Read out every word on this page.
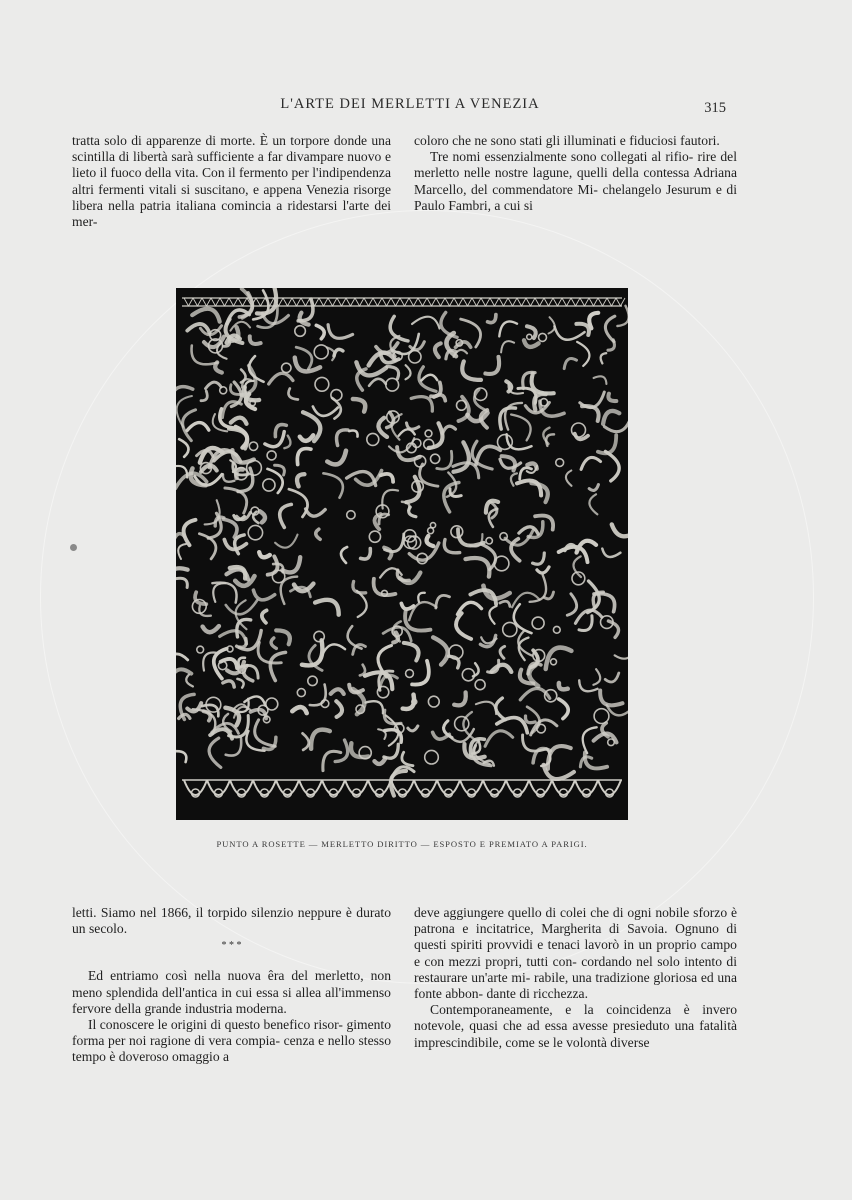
L'ARTE DEI MERLETTI A VENEZIA	315

tratta solo di apparenze di morte. È un torpore donde una scintilla di libertà sarà sufficiente a far divampare nuovo e lieto il fuoco della vita. Con il fermento per l'indipendenza altri fermenti vitali si suscitano, e appena Venezia risorge libera nella patria italiana comincia a ridestarsi l'arte dei mer-

coloro che ne sono stati gli illuminati e fiduciosi fautori.

Tre nomi essenzialmente sono collegati al rifio- rire del merletto nelle nostre lagune, quelli della contessa Adriana Marcello, del commendatore Mi- chelangelo Jesurum e di Paulo Fambri, a cui si

PUNTO A ROSETTE — MERLETTO DIRITTO — ESPOSTO E PREMIATO A PARIGI.

letti. Siamo nel 1866, il torpido silenzio neppure è durato un secolo.

* * *

Ed entriamo così nella nuova êra del merletto, non meno splendida dell'antica in cui essa si allea all'immenso fervore della grande industria moderna.

Il conoscere le origini di questo benefico risor- gimento forma per noi ragione di vera compia- cenza e nello stesso tempo è doveroso omaggio a

deve aggiungere quello di colei che di ogni nobile sforzo è patrona e incitatrice, Margherita di Savoia. Ognuno di questi spiriti provvidi e tenaci lavorò in un proprio campo e con mezzi propri, tutti con- cordando nel solo intento di restaurare un'arte mi- rabile, una tradizione gloriosa ed una fonte abbon- dante di ricchezza.

Contemporaneamente, e la coincidenza è invero notevole, quasi che ad essa avesse presieduto una fatalità imprescindibile, come se le volontà diverse
